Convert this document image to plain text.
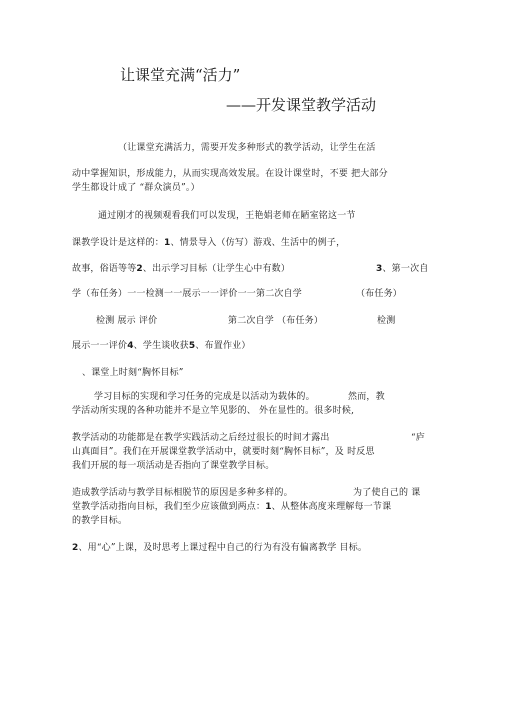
让课堂充满“活力”
——开发课堂教学活动
（让课堂充满活力，需要开发多种形式的教学活动，让学生在活
动中掌握知识，形成能力，从而实现高效发展。在设计课堂时，不要 把大部分
学生都设计成了 “群众演员”。）
通过刚才的视频观看我们可以发现，王艳娟老师在陋室铭这一节
课教学设计是这样的：1、情景导入（仿写）游戏、生活中的例子，
故事，俗语等等2、出示学习目标（让学生心中有数）	3、第一次自
学（布任务）一一检测一一展示一一评价一一第二次自学	（布任务）
检测 展示 评价	第二次自学 （布任务）	检测
展示一一评价4、学生谈收获5、布置作业）
、课堂上时刻“胸怀目标”
学习目标的实现和学习任务的完成是以活动为载体的。	然而，教
学活动所实现的各种功能并不是立竿见影的、 外在显性的。很多时候,
教学活动的功能都是在教学实践活动之后经过很长的时间才露出	“庐
山真面目”。我们在开展课堂教学活动中，就要时刻“胸怀目标”，及 时反思
我们开展的每一项活动是否指向了课堂教学目标。
造成教学活动与教学目标相脱节的原因是多种多样的。	为了使自己的 课
堂教学活动指向目标，我们至少应该做到两点：1、从整体高度来理解每一节课
的教学目标。
2、用“心”上课，及时思考上课过程中自己的行为有没有偏离教学 目标。
